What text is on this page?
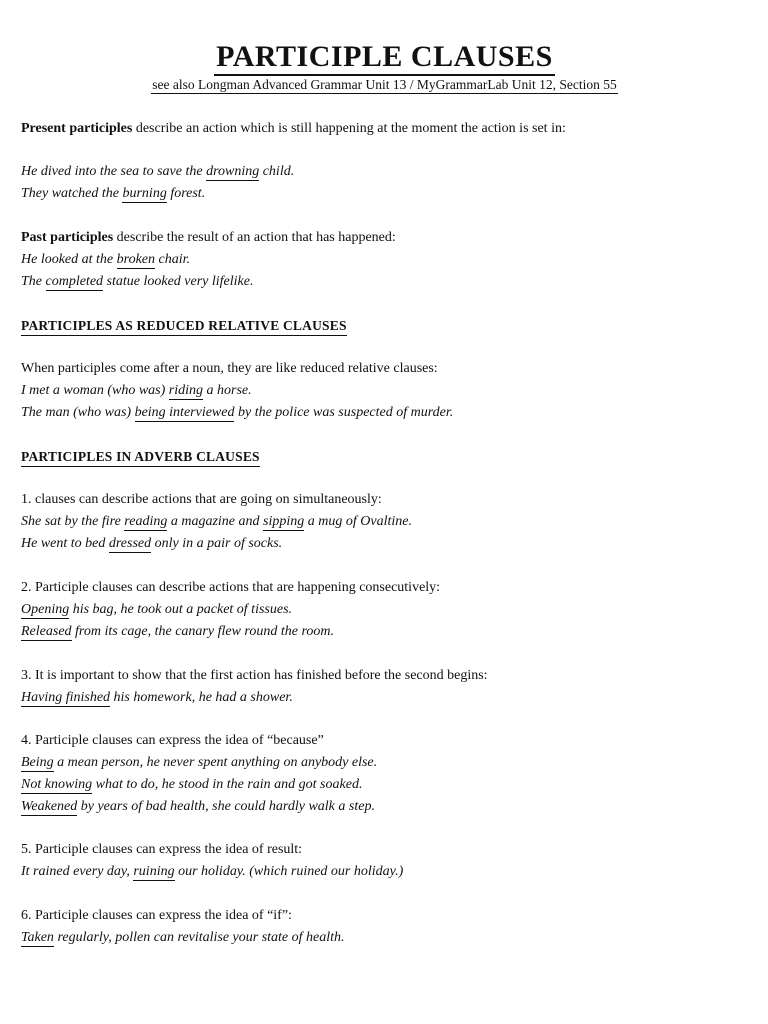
PARTICIPLE CLAUSES
see also Longman Advanced Grammar Unit 13 / MyGrammarLab Unit 12, Section 55
Present participles describe an action which is still happening at the moment the action is set in:
He dived into the sea to save the drowning child.
They watched the burning forest.
Past participles describe the result of an action that has happened:
He looked at the broken chair.
The completed statue looked very lifelike.
PARTICIPLES AS REDUCED RELATIVE CLAUSES
When participles come after a noun, they are like reduced relative clauses:
I met a woman (who was) riding a horse.
The man (who was) being interviewed by the police was suspected of murder.
PARTICIPLES IN ADVERB CLAUSES
1. clauses can describe actions that are going on simultaneously:
She sat by the fire reading a magazine and sipping a mug of Ovaltine.
He went to bed dressed only in a pair of socks.
2. Participle clauses can describe actions that are happening consecutively:
Opening his bag, he took out a packet of tissues.
Released from its cage, the canary flew round the room.
3. It is important to show that the first action has finished before the second begins:
Having finished his homework, he had a shower.
4. Participle clauses can express the idea of “because”
Being a mean person, he never spent anything on anybody else.
Not knowing what to do, he stood in the rain and got soaked.
Weakened by years of bad health, she could hardly walk a step.
5. Participle clauses can express the idea of result:
It rained every day, ruining our holiday. (which ruined our holiday.)
6. Participle clauses can express the idea of “if”:
Taken regularly, pollen can revitalise your state of health.
